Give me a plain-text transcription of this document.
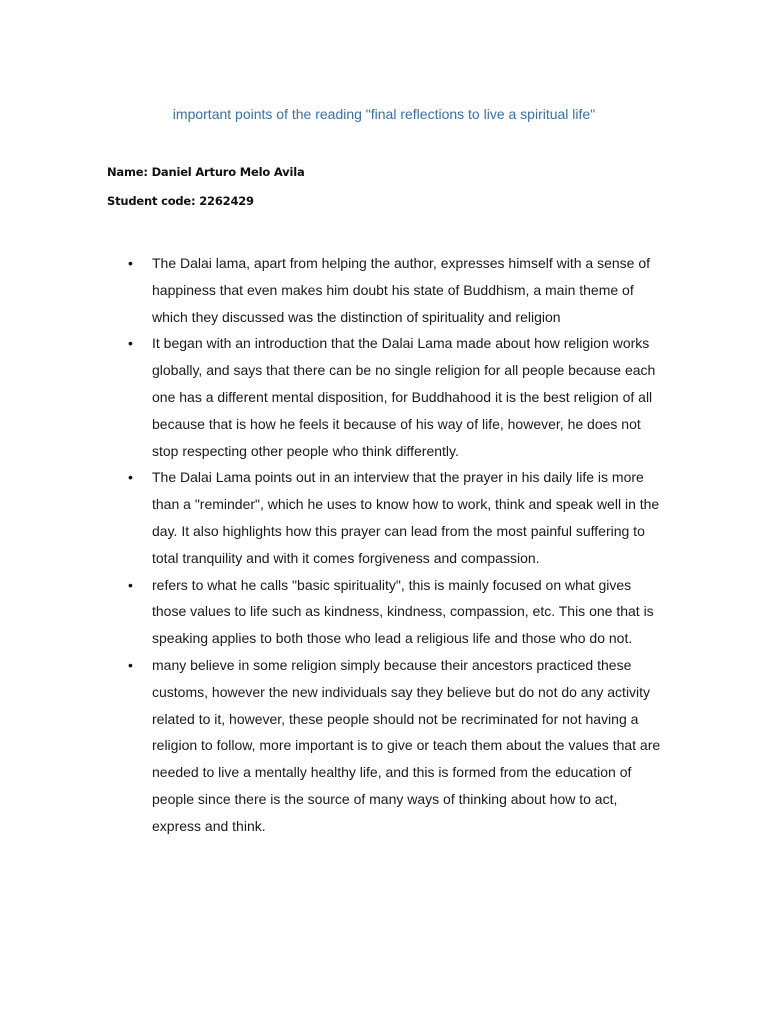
important points of the reading "final reflections to live a spiritual life"

Name: Daniel Arturo Melo Avila

Student code: 2262429

• The Dalai lama, apart from helping the author, expresses himself with a sense of happiness that even makes him doubt his state of Buddhism, a main theme of which they discussed was the distinction of spirituality and religion
• It began with an introduction that the Dalai Lama made about how religion works globally, and says that there can be no single religion for all people because each one has a different mental disposition, for Buddhahood it is the best religion of all because that is how he feels it because of his way of life, however, he does not stop respecting other people who think differently.
• The Dalai Lama points out in an interview that the prayer in his daily life is more than a "reminder", which he uses to know how to work, think and speak well in the day. It also highlights how this prayer can lead from the most painful suffering to total tranquility and with it comes forgiveness and compassion.
• refers to what he calls "basic spirituality", this is mainly focused on what gives those values to life such as kindness, kindness, compassion, etc. This one that is speaking applies to both those who lead a religious life and those who do not.
• many believe in some religion simply because their ancestors practiced these customs, however the new individuals say they believe but do not do any activity related to it, however, these people should not be recriminated for not having a religion to follow, more important is to give or teach them about the values that are needed to live a mentally healthy life, and this is formed from the education of people since there is the source of many ways of thinking about how to act, express and think.
